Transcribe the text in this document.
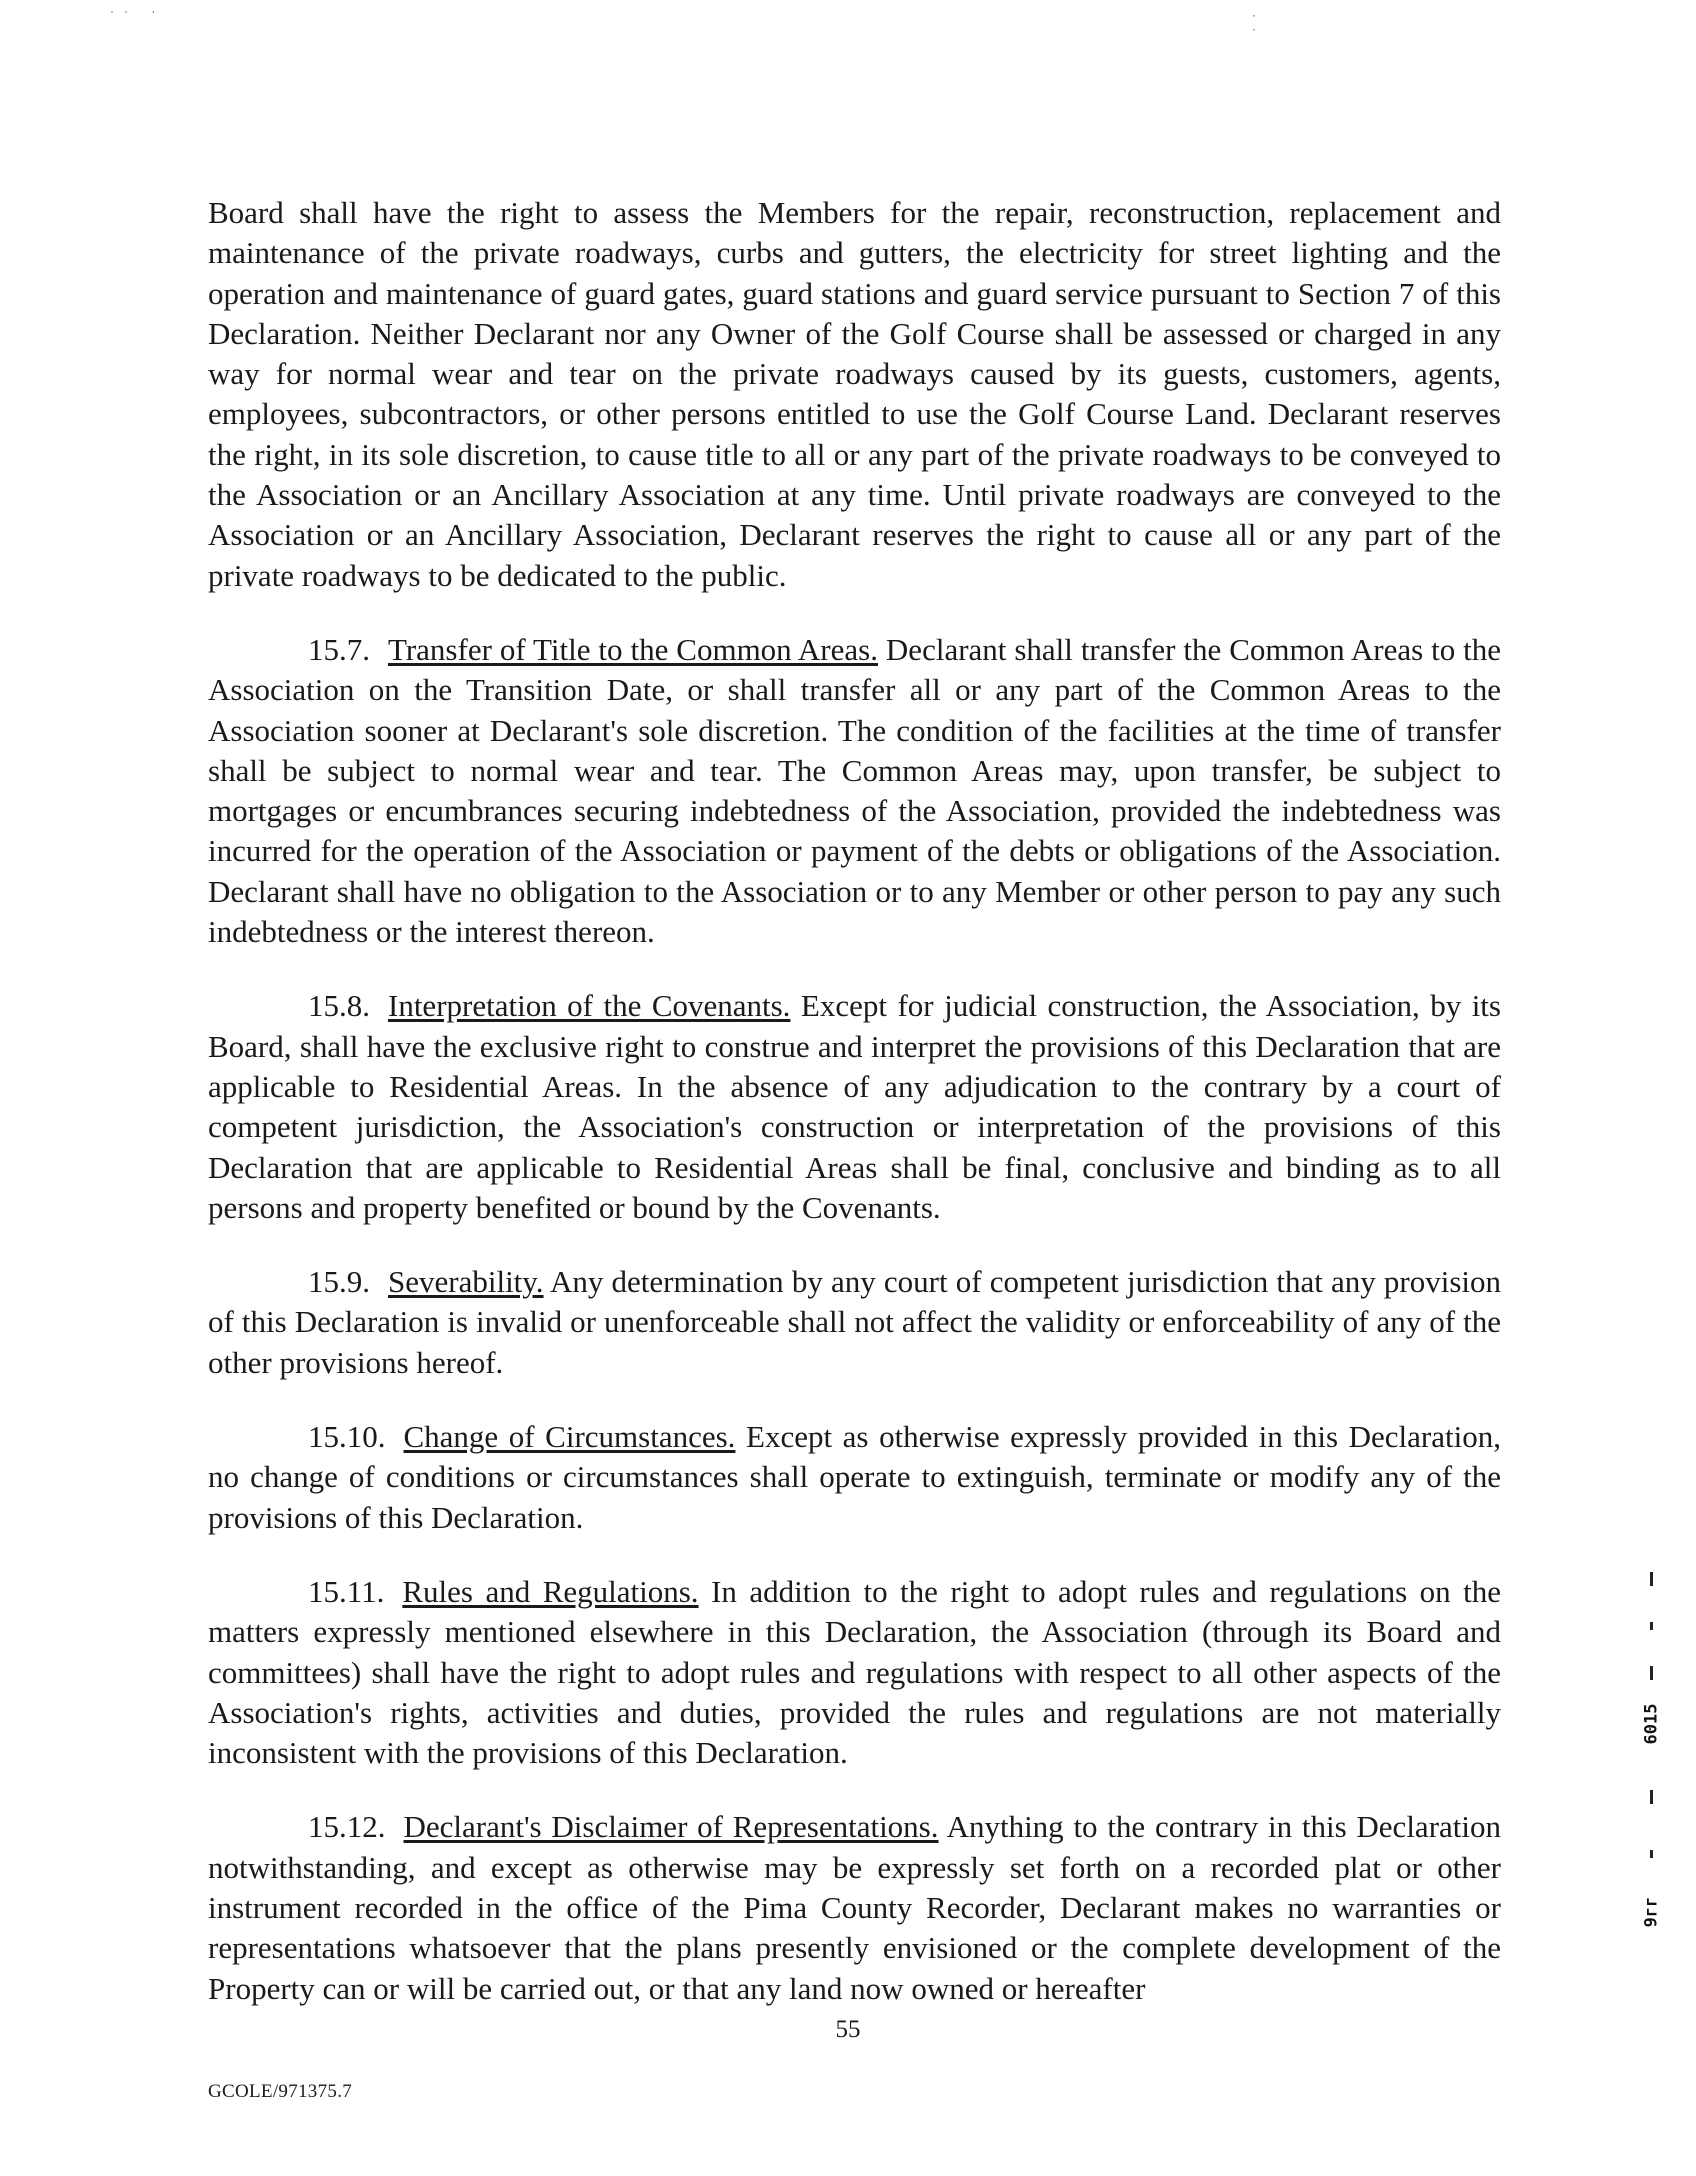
·· ·	·
·

Board shall have the right to assess the Members for the repair, reconstruction, replacement and maintenance of the private roadways, curbs and gutters, the electricity for street lighting and the operation and maintenance of guard gates, guard stations and guard service pursuant to Section 7 of this Declaration. Neither Declarant nor any Owner of the Golf Course shall be assessed or charged in any way for normal wear and tear on the private roadways caused by its guests, customers, agents, employees, subcontractors, or other persons entitled to use the Golf Course Land. Declarant reserves the right, in its sole discretion, to cause title to all or any part of the private roadways to be conveyed to the Association or an Ancillary Association at any time. Until private roadways are conveyed to the Association or an Ancillary Association, Declarant reserves the right to cause all or any part of the private roadways to be dedicated to the public.

15.7. Transfer of Title to the Common Areas. Declarant shall transfer the Common Areas to the Association on the Transition Date, or shall transfer all or any part of the Common Areas to the Association sooner at Declarant's sole discretion. The condition of the facilities at the time of transfer shall be subject to normal wear and tear. The Common Areas may, upon transfer, be subject to mortgages or encumbrances securing indebtedness of the Association, provided the indebtedness was incurred for the operation of the Association or payment of the debts or obligations of the Association. Declarant shall have no obligation to the Association or to any Member or other person to pay any such indebtedness or the interest thereon.

15.8. Interpretation of the Covenants. Except for judicial construction, the Association, by its Board, shall have the exclusive right to construe and interpret the provisions of this Declaration that are applicable to Residential Areas. In the absence of any adjudication to the contrary by a court of competent jurisdiction, the Association's construction or interpretation of the provisions of this Declaration that are applicable to Residential Areas shall be final, conclusive and binding as to all persons and property benefited or bound by the Covenants.

15.9. Severability. Any determination by any court of competent jurisdiction that any provision of this Declaration is invalid or unenforceable shall not affect the validity or enforceability of any of the other provisions hereof.

15.10. Change of Circumstances. Except as otherwise expressly provided in this Declaration, no change of conditions or circumstances shall operate to extinguish, terminate or modify any of the provisions of this Declaration.

15.11. Rules and Regulations. In addition to the right to adopt rules and regulations on the matters expressly mentioned elsewhere in this Declaration, the Association (through its Board and committees) shall have the right to adopt rules and regulations with respect to all other aspects of the Association's rights, activities and duties, provided the rules and regulations are not materially inconsistent with the provisions of this Declaration.

15.12. Declarant's Disclaimer of Representations. Anything to the contrary in this Declaration notwithstanding, and except as otherwise may be expressly set forth on a recorded plat or other instrument recorded in the office of the Pima County Recorder, Declarant makes no warranties or representations whatsoever that the plans presently envisioned or the complete development of the Property can or will be carried out, or that any land now owned or hereafter

6015
9гг
55
GCOLE/971375.7
